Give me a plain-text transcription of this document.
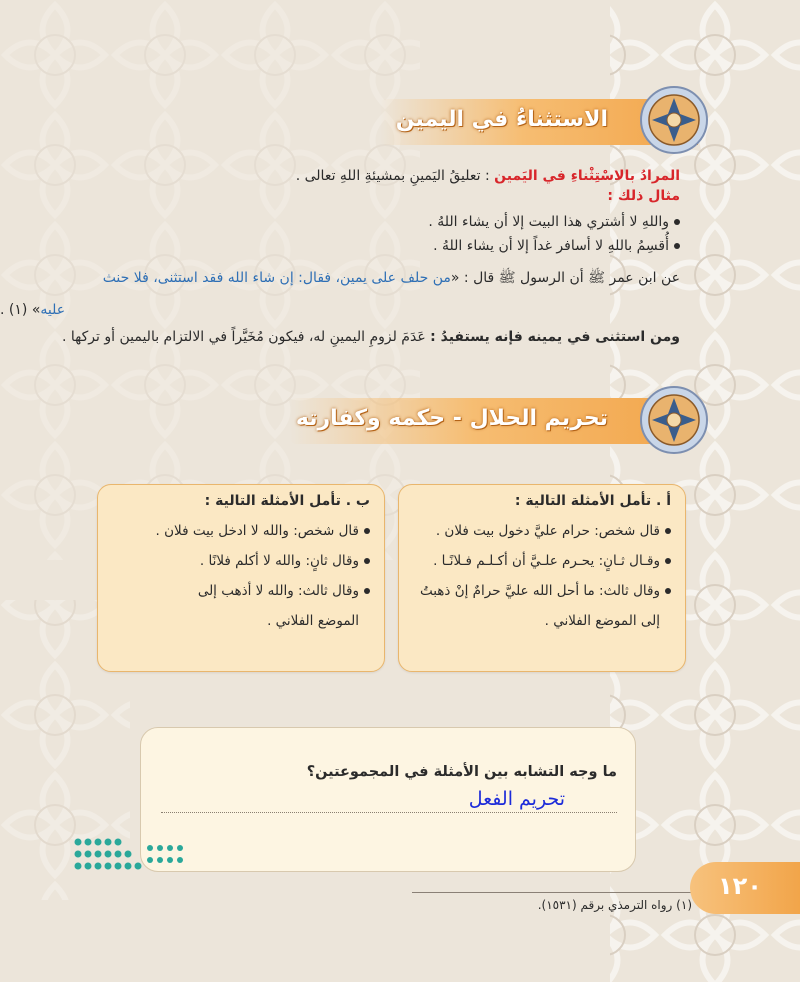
الاستثناءُ في اليمين
المرادُ بالاسْتِثْناءِ في اليَمين : تعليقُ اليَمينِ بمشيئةِ اللهِ تعالى .
مثال ذلك :
واللهِ لا أشتري هذا البيت إلا أن يشاء اللهُ .
أُقسِمُ باللهِ لا أسافر غداً إلا أن يشاء اللهُ .
عن ابن عمر ﷺ أن الرسول ﷺ قال : «من حلف على يمين، فقال: إن شاء الله فقد استثنى، فلا حنث
عليه» (١) .
ومن استثنى في يمينه فإنه يستفيدُ : عَدَمَ لزومِ اليمينِ له، فيكون مُخَيَّراً في الالتزام باليمين أو تركها .
تحريم الحلال - حكمه وكفارته
أ . تأمل الأمثلة التالية :
قال شخص: حرام عليَّ دخول بيت فلان .
وقـال ثـانٍ: يحـرم علـيَّ أن أكـلـم فـلانًـا .
وقال ثالث: ما أحل الله عليَّ حرامٌ إنْ ذهبتُ
إلى الموضع الفلاني .
ب . تأمل الأمثلة التالية :
قال شخص: والله لا ادخل بيت فلان .
وقال ثانٍ: والله لا أكلم فلانًا .
وقال ثالث: والله لا أذهب إلى
الموضع الفلاني .
ما وجه التشابه بين الأمثلة في المجموعتين؟
تحريم الفعل
(١) رواه الترمذي برقم (١٥٣١).
١٢٠
